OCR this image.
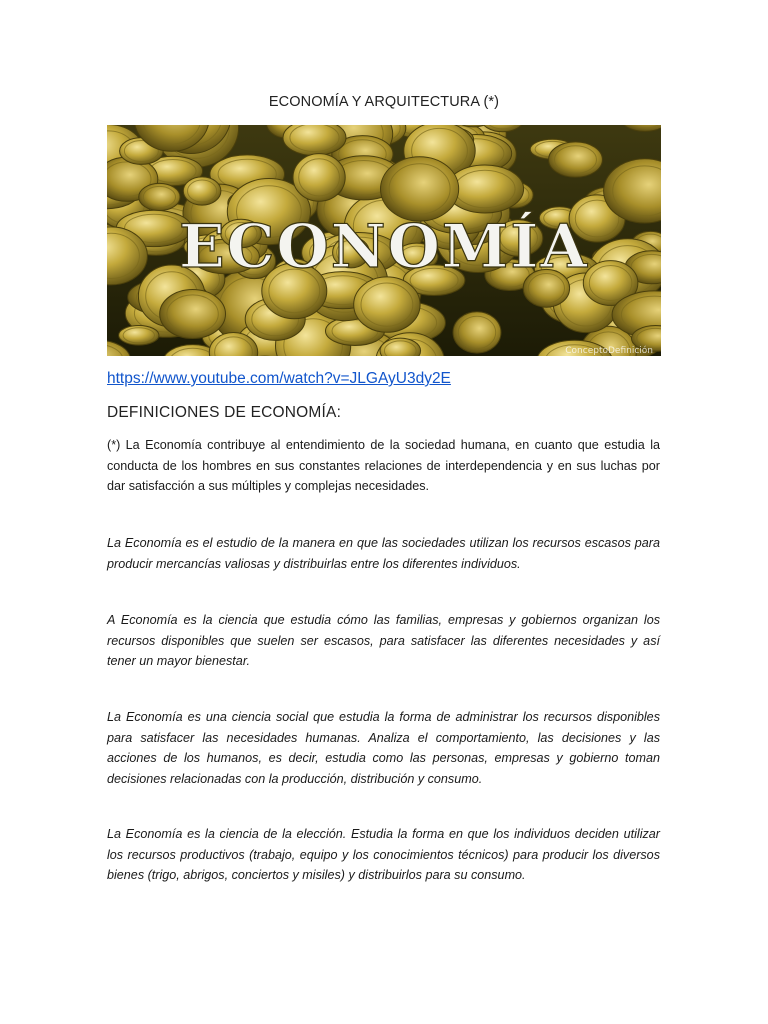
ECONOMÍA Y ARQUITECTURA (*)
ECONOMÍA
ConceptoDefinición
https://www.youtube.com/watch?v=JLGAyU3dy2E
DEFINICIONES DE ECONOMÍA:

(*) La Economía contribuye al entendimiento de la sociedad humana, en cuanto que estudia la conducta de los hombres en sus constantes relaciones de interdependencia y en sus luchas por dar satisfacción a sus múltiples y complejas necesidades.

La Economía es el estudio de la manera en que las sociedades utilizan los recursos escasos para producir mercancías valiosas y distribuirlas entre los diferentes individuos.

A Economía es la ciencia que estudia cómo las familias, empresas y gobiernos organizan los recursos disponibles que suelen ser escasos, para satisfacer las diferentes necesidades y así tener un mayor bienestar.

La Economía es una ciencia social que estudia la forma de administrar los recursos disponibles para satisfacer las necesidades humanas. Analiza el comportamiento, las decisiones y las acciones de los humanos, es decir, estudia como las personas, empresas y gobierno toman decisiones relacionadas con la producción, distribución y consumo.

La Economía es la ciencia de la elección. Estudia la forma en que los individuos deciden utilizar los recursos productivos (trabajo, equipo y los conocimientos técnicos) para producir los diversos bienes (trigo, abrigos, conciertos y misiles) y distribuirlos para su consumo.
